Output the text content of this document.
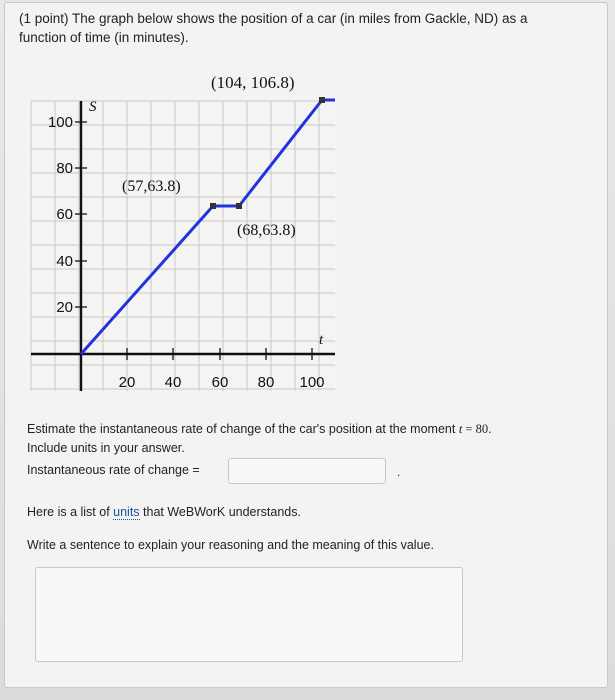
(1 point) The graph below shows the position of a car (in miles from Gackle, ND) as a
function of time (in minutes).
100
80
60
40
20
20 40 60 80 100
S
t
(104, 106.8)
(57,63.8)
(68,63.8)
Estimate the instantaneous rate of change of the car's position at the moment t = 80.
Include units in your answer.
Instantaneous rate of change =	.
Here is a list of units that WeBWorK understands.
Write a sentence to explain your reasoning and the meaning of this value.
